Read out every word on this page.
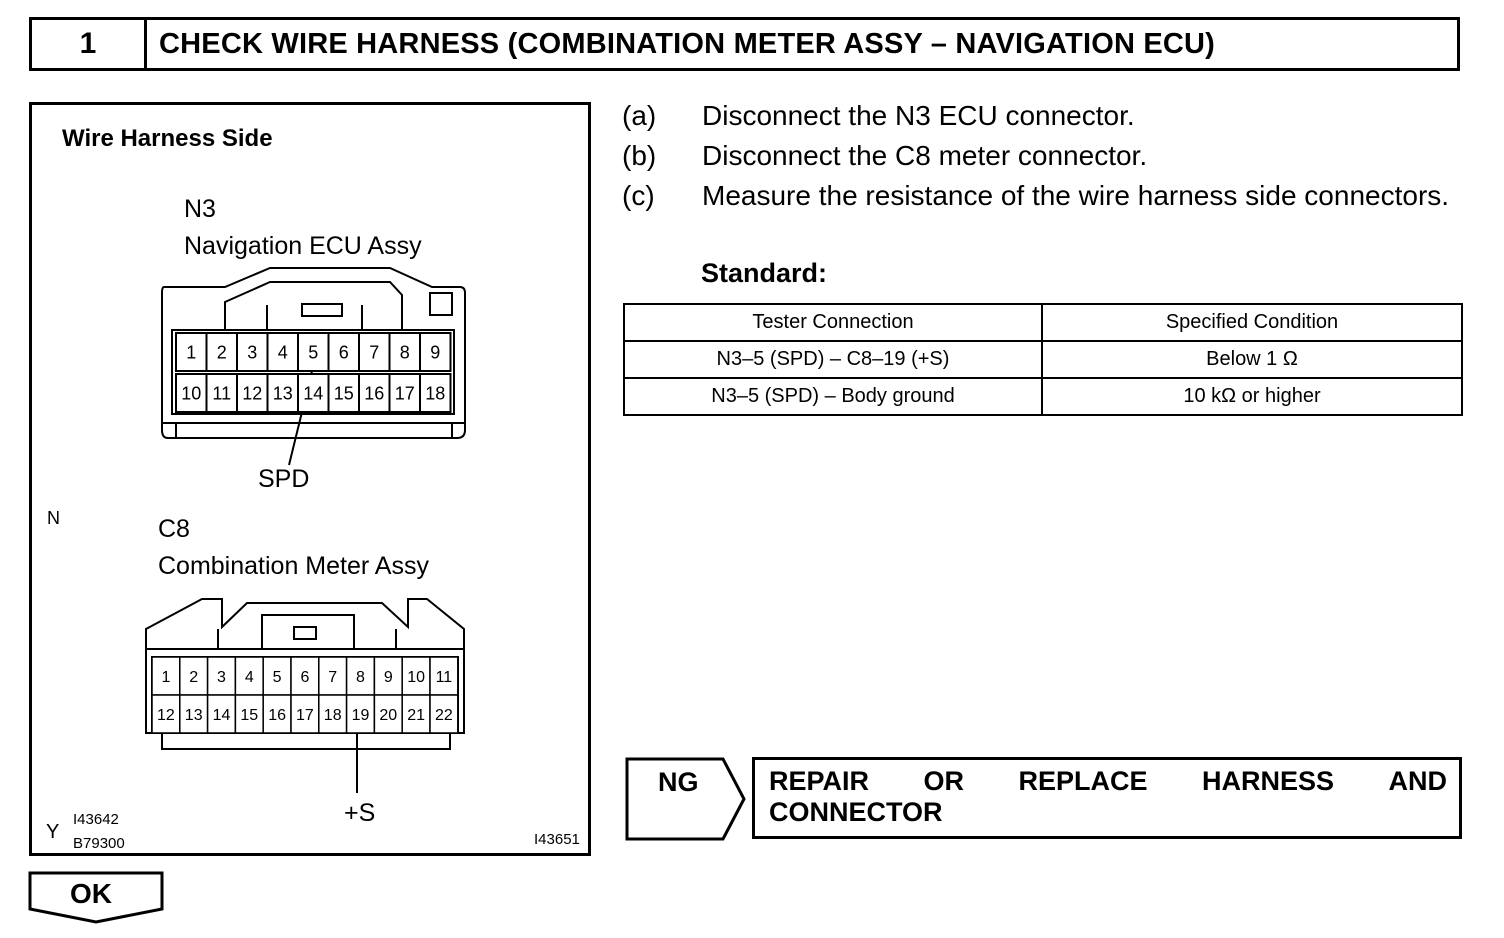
1	CHECK WIRE HARNESS (COMBINATION METER ASSY – NAVIGATION ECU)
1 2 3 4 5 6 7 8 9
10 11 12 13 14 15 16 17 18
1 2 3 4 5 6 7 8 9 10 11
12 13 14 15 16 17 18 19 20 21 22
Wire Harness Side
N3
Navigation ECU Assy
SPD
N	C8
Combination Meter Assy
+S
Y
I43642
B79300	I43651
(a)	Disconnect the N3 ECU connector.
(b)	Disconnect the C8 meter connector.
(c)	Measure the resistance of the wire harness side connectors.
Standard:
Tester Connection	Specified Condition
N3–5 (SPD) – C8–19 (+S)	Below 1 Ω
N3–5 (SPD) – Body ground	10 kΩ or higher
NG	REPAIR OR REPLACE HARNESS AND
CONNECTOR
OK
